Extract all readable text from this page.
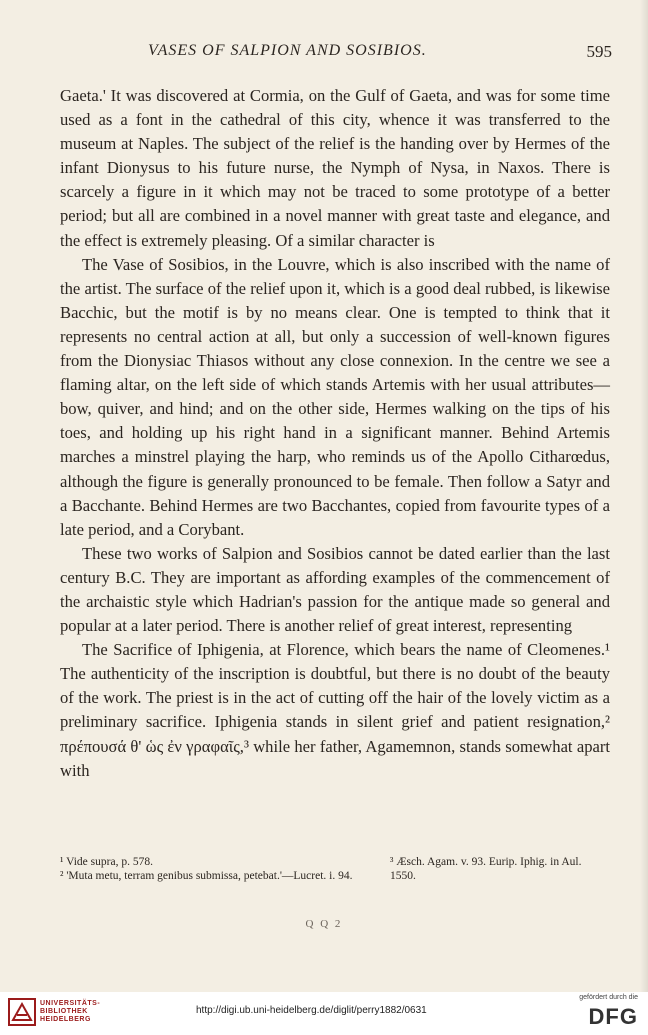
VASES OF SALPION AND SOSIBIOS.	595

Gaeta.' It was discovered at Cormia, on the Gulf of Gaeta, and was for some time used as a font in the cathedral of this city, whence it was transferred to the museum at Naples. The subject of the relief is the handing over by Hermes of the infant Dionysus to his future nurse, the Nymph of Nysa, in Naxos. There is scarcely a figure in it which may not be traced to some prototype of a better period; but all are combined in a novel manner with great taste and elegance, and the effect is extremely pleasing. Of a similar character is

The Vase of Sosibios, in the Louvre, which is also inscribed with the name of the artist. The surface of the relief upon it, which is a good deal rubbed, is likewise Bacchic, but the motif is by no means clear. One is tempted to think that it represents no central action at all, but only a succession of well-known figures from the Dionysiac Thiasos without any close connexion. In the centre we see a flaming altar, on the left side of which stands Artemis with her usual attributes—bow, quiver, and hind; and on the other side, Hermes walking on the tips of his toes, and holding up his right hand in a significant manner. Behind Artemis marches a minstrel playing the harp, who reminds us of the Apollo Citharœdus, although the figure is generally pronounced to be female. Then follow a Satyr and a Bacchante. Behind Hermes are two Bacchantes, copied from favourite types of a late period, and a Corybant.

These two works of Salpion and Sosibios cannot be dated earlier than the last century B.C. They are important as affording examples of the commencement of the archaistic style which Hadrian's passion for the antique made so general and popular at a later period. There is another relief of great interest, representing

The Sacrifice of Iphigenia, at Florence, which bears the name of Cleomenes.¹ The authenticity of the inscription is doubtful, but there is no doubt of the beauty of the work. The priest is in the act of cutting off the hair of the lovely victim as a preliminary sacrifice. Iphigenia stands in silent grief and patient resignation,² πρέπουσά θ' ὡς ἐν γραφαῖς,³ while her father, Agamemnon, stands somewhat apart with

¹ Vide supra, p. 578.
² 'Muta metu, terram genibus submissa, petebat.'—Lucret. i. 94.
³ Æsch. Agam. v. 93. Eurip. Iphig. in Aul. 1550.
Q Q 2
UNIVERSITÄTS-
BIBLIOTHEK
HEIDELBERG
http://digi.ub.uni-heidelberg.de/diglit/perry1882/0631
gefördert durch die
DFG
